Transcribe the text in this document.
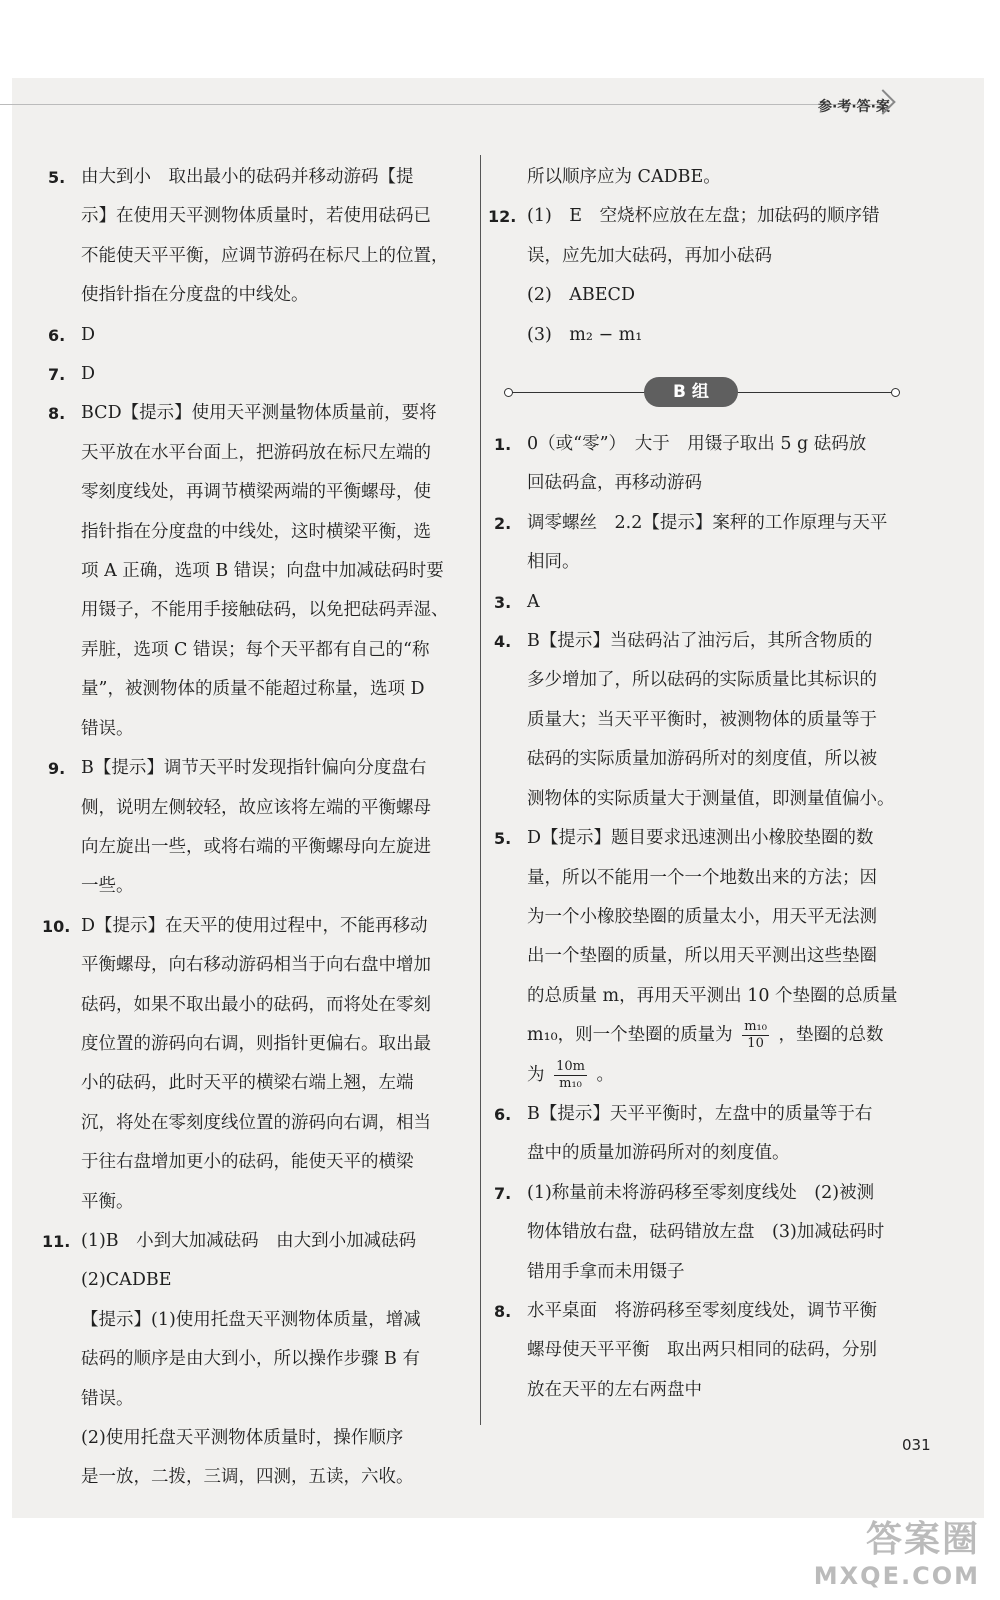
参·考·答·案
5. 由大到小　取出最小的砝码并移动游码【提
示】在使用天平测物体质量时，若使用砝码已
不能使天平平衡，应调节游码在标尺上的位置，
使指针指在分度盘的中线处。
6. D
7. D
8. BCD【提示】使用天平测量物体质量前，要将
天平放在水平台面上，把游码放在标尺左端的
零刻度线处，再调节横梁两端的平衡螺母，使
指针指在分度盘的中线处，这时横梁平衡，选
项 A 正确，选项 B 错误；向盘中加减砝码时要
用镊子，不能用手接触砝码，以免把砝码弄湿、
弄脏，选项 C 错误；每个天平都有自己的“称
量”，被测物体的质量不能超过称量，选项 D
错误。
9. B【提示】调节天平时发现指针偏向分度盘右
侧，说明左侧较轻，故应该将左端的平衡螺母
向左旋出一些，或将右端的平衡螺母向左旋进
一些。
10. D【提示】在天平的使用过程中，不能再移动
平衡螺母，向右移动游码相当于向右盘中增加
砝码，如果不取出最小的砝码，而将处在零刻
度位置的游码向右调，则指针更偏右。取出最
小的砝码，此时天平的横梁右端上翘，左端
沉，将处在零刻度线位置的游码向右调，相当
于往右盘增加更小的砝码，能使天平的横梁
平衡。
11. (1)B　小到大加减砝码　由大到小加减砝码
(2)CADBE
【提示】(1)使用托盘天平测物体质量，增减
砝码的顺序是由大到小，所以操作步骤 B 有
错误。
(2)使用托盘天平测物体质量时，操作顺序
是一放，二拨，三调，四测，五读，六收。
所以顺序应为 CADBE。
12. (1)　E　空烧杯应放在左盘；加砝码的顺序错
误，应先加大砝码，再加小砝码
(2)　ABECD
(3)　m₂ − m₁
B 组
1. 0（或“零”）　大于　用镊子取出 5 g 砝码放
回砝码盒，再移动游码
2. 调零螺丝　2.2【提示】案秤的工作原理与天平
相同。
3. A
4. B【提示】当砝码沾了油污后，其所含物质的
多少增加了，所以砝码的实际质量比其标识的
质量大；当天平平衡时，被测物体的质量等于
砝码的实际质量加游码所对的刻度值，所以被
测物体的实际质量大于测量值，即测量值偏小。
5. D【提示】题目要求迅速测出小橡胶垫圈的数
量，所以不能用一个一个地数出来的方法；因
为一个小橡胶垫圈的质量太小，用天平无法测
出一个垫圈的质量，所以用天平测出这些垫圈
的总质量 m，再用天平测出 10 个垫圈的总质量
m₁₀，则一个垫圈的质量为 $\frac{\text{m₁₀}}{10}$ ，垫圈的总数
为 $\frac{10m}{\text{m₁₀}}$ 。
6. B【提示】天平平衡时，左盘中的质量等于右
盘中的质量加游码所对的刻度值。
7. (1)称量前未将游码移至零刻度线处　(2)被测
物体错放右盘，砝码错放左盘　(3)加减砝码时
错用手拿而未用镊子
8. 水平桌面　将游码移至零刻度线处，调节平衡
螺母使天平平衡　取出两只相同的砝码，分别
放在天平的左右两盘中
031
答案圈
MXQE.COM
